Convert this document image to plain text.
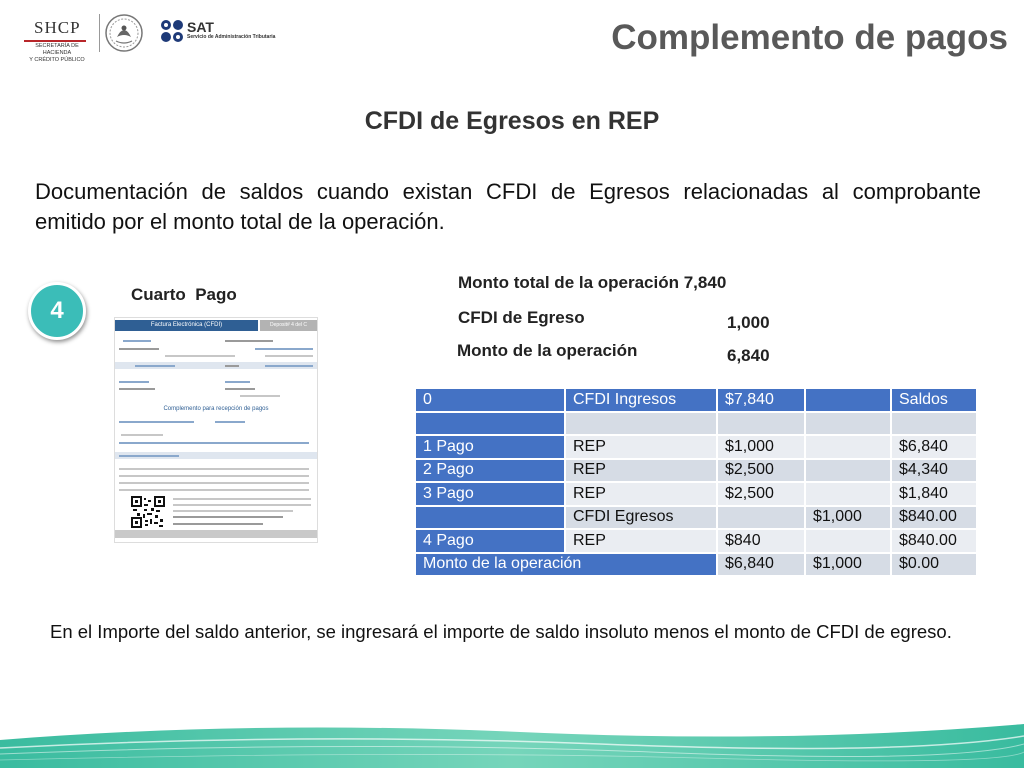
SHCP
SECRETARÍA DE HACIENDA
Y CRÉDITO PÚBLICO
SAT
Servicio de Administración Tributaria	Complemento de pagos
CFDI de Egresos en REP
Documentación de saldos cuando existan CFDI de Egresos relacionadas al comprobante emitido por el monto total de la operación.
4
Cuarto  Pago
Monto total de la operación 7,840
CFDI de Egreso	1,000
Monto de la operación	6,840
Factura Electrónica (CFDI)	Deposit# 4 del C
Complemento para recepción de pagos
0	CFDI Ingresos	$7,840		Saldos

1 Pago	REP	$1,000		$6,840
2 Pago	REP	$2,500		$4,340
3 Pago	REP	$2,500		$1,840
	CFDI Egresos		$1,000	$840.00
4 Pago	REP	$840		$840.00
Monto de la operación		$6,840	$1,000	$0.00
En el Importe del saldo anterior, se ingresará el importe de saldo insoluto menos el monto de CFDI de egreso.
